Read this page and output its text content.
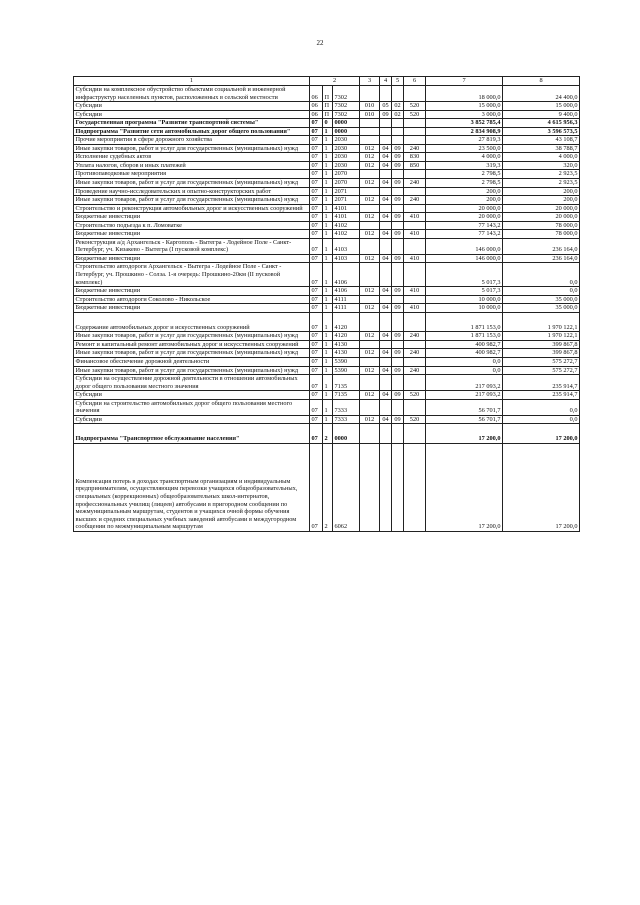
22
1	2			3	4	5	6	7	8
Субсидии на комплексное обустройство объектами социальной и инженерной инфраструктур населенных пунктов, расположенных в сельской местности	06	П	7302					18 000,0	24 400,0
Субсидии	06	П	7302	010	05	02	520	15 000,0	15 000,0
Субсидии	06	П	7302	010	09	02	520	3 000,0	9 400,0
Государственная программа "Развитие транспортной системы"	07	0	0000					3 852 785,4	4 615 956,3
Подпрограмма "Развитие сети автомобильных дорог общего пользования"	07	1	0000					2 834 908,9	3 596 573,5
Прочие мероприятия в сфере дорожного хозяйства	07	1	2030					27 819,3	43 108,7
Иные закупки товаров, работ и услуг для государственных (муниципальных) нужд	07	1	2030	012	04	09	240	23 500,0	38 788,7
Исполнение судебных актов	07	1	2030	012	04	09	830	4 000,0	4 000,0
Уплата налогов, сборов и иных платежей	07	1	2030	012	04	09	850	319,3	320,0
Противопаводковые мероприятия	07	1	2070					2 798,5	2 923,5
Иные закупки товаров, работ и услуг для государственных (муниципальных) нужд	07	1	2070	012	04	09	240	2 798,5	2 923,5
Проведение научно-исследовательских и опытно-конструкторских работ	07	1	2071					200,0	200,0
Иные закупки товаров, работ и услуг для государственных (муниципальных) нужд	07	1	2071	012	04	09	240	200,0	200,0
Строительство и реконструкция автомобильных дорог и искусственных сооружений	07	1	4101					20 000,0	20 000,0
Бюджетные инвестиции	07	1	4101	012	04	09	410	20 000,0	20 000,0
Строительство подъезда к п. Ломоватке	07	1	4102					77 143,2	78 000,0
Бюджетные инвестиции	07	1	4102	012	04	09	410	77 143,2	78 000,0
Реконструкция а/д Архангельск - Каргополь - Вытегра - Лодейное Поле - Санкт-Петербург, уч. Кизакево - Вытегра (I пусковой комплекс)	07	1	4103					146 000,0	236 164,0
Бюджетные инвестиции	07	1	4103	012	04	09	410	146 000,0	236 164,0
Строительство автодороги Архангельск - Вытегра - Лодейное Поле - Санкт - Петербург, уч. Прошкино - Солза. 1-я очередь: Прошкино-20км (II пусковой комплекс)	07	1	4106					5 017,3	0,0
Бюджетные инвестиции	07	1	4106	012	04	09	410	5 017,3	0,0
Строительство автодороги Соколово - Никольское	07	1	4111					10 000,0	35 000,0
Бюджетные инвестиции	07	1	4111	012	04	09	410	10 000,0	35 000,0
Содержание автомобильных дорог и искусственных сооружений	07	1	4120					1 871 153,0	1 970 122,1
Иные закупки товаров, работ и услуг для государственных (муниципальных) нужд	07	1	4120	012	04	09	240	1 871 153,0	1 970 122,1
Ремонт и капитальный ремонт автомобильных дорог и искусственных сооружений	07	1	4130					400 982,7	399 867,8
Иные закупки товаров, работ и услуг для государственных (муниципальных) нужд	07	1	4130	012	04	09	240	400 982,7	399 867,8
Финансовое обеспечение дорожной деятельности	07	1	5390					0,0	575 272,7
Иные закупки товаров, работ и услуг для государственных (муниципальных) нужд	07	1	5390	012	04	09	240	0,0	575 272,7
Субсидии на осуществление дорожной деятельности в отношении автомобильных дорог общего пользования местного значения	07	1	7135					217 093,2	235 914,7
Субсидии	07	1	7135	012	04	09	520	217 093,2	235 914,7
Субсидии на строительство автомобильных дорог общего пользования местного значения	07	1	7333					56 701,7	0,0
Субсидии	07	1	7333	012	04	09	520	56 701,7	0,0
Подпрограмма "Транспортное обслуживание населения"	07	2	0000					17 200,0	17 200,0
Компенсация потерь в доходах транспортным организациям и индивидуальным предпринимателям, осуществляющим перевозки учащихся общеобразовательных, специальных (коррекционных) общеобразовательных школ-интернатов, профессиональных училищ (лицеев) автобусами в пригородном сообщении по межмуниципальным маршрутам, студентов и учащихся очной формы обучения высших и средних специальных учебных заведений автобусами в междугородном сообщении по межмуниципальным маршрутам	07	2	6062					17 200,0	17 200,0
